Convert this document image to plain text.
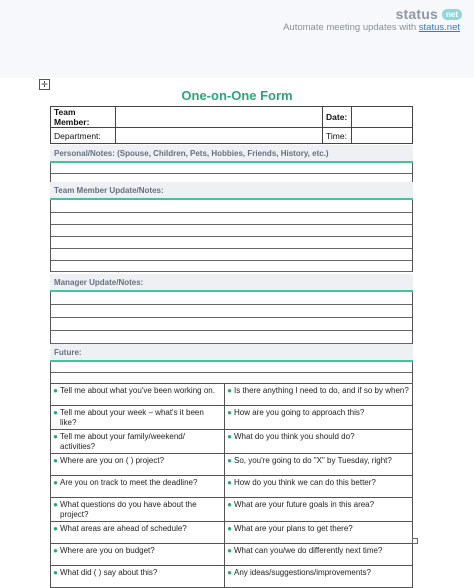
status	net
Automate meeting updates with status.net
✛
One-on-One Form
Team Member:		Date:	
Department:		Time:	
Personal/Notes: (Spouse, Children, Pets, Hobbies, Friends, History, etc.)
Team Member Update/Notes:
Manager Update/Notes:
Future:
● Tell me about what you've been working on.	● Is there anything I need to do, and if so by when?

● Tell me about your week – what's it been like?	● How are you going to approach this?

● Tell me about your family/weekend/ activities?	● What do you think you should do?

● Where are you on ( ) project?	● So, you're going to do "X" by Tuesday, right?

● Are you on track to meet the deadline?	● How do you think we can do this better?

● What questions do you have about the project?	● What are your future goals in this area?

● What areas are ahead of schedule?	● What are your plans to get there?

● Where are you on budget?	● What can you/we do differently next time?

● What did ( ) say about this?	● Any ideas/suggestions/improvements?
